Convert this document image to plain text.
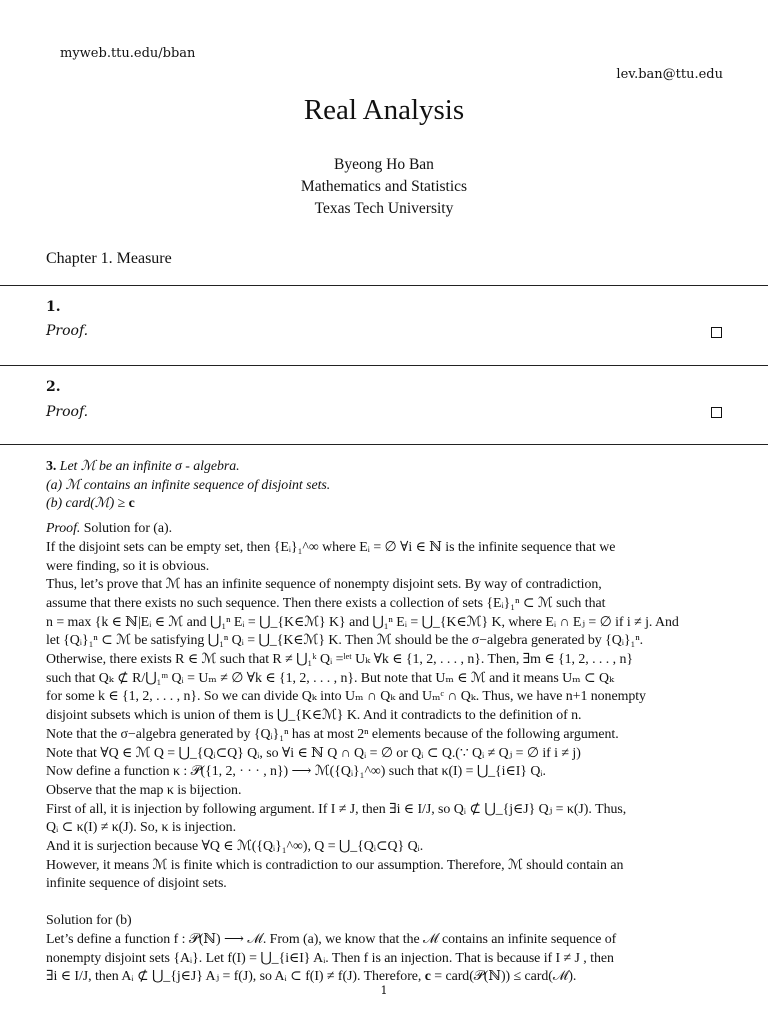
myweb.ttu.edu/bban
lev.ban@ttu.edu
Real Analysis
Byeong Ho Ban
Mathematics and Statistics
Texas Tech University
Chapter 1. Measure
1.
Proof.
2.
Proof.

3. Let ℳ be an infinite σ - algebra.

(a) ℳ contains an infinite sequence of disjoint sets.

(b) card(ℳ) ≥ c

Proof. Solution for (a).

If the disjoint sets can be empty set, then {Eᵢ}₁^∞ where Eᵢ = ∅ ∀i ∈ ℕ is the infinite sequence that we

were finding, so it is obvious.

Thus, let’s prove that ℳ has an infinite sequence of nonempty disjoint sets. By way of contradiction,

assume that there exists no such sequence. Then there exists a collection of sets {Eᵢ}₁ⁿ ⊂ ℳ such that

n = max {k ∈ ℕ|Eᵢ ∈ ℳ and ⋃₁ⁿ Eᵢ = ⋃_{K∈ℳ} K} and ⋃₁ⁿ Eᵢ = ⋃_{K∈ℳ} K, where Eᵢ ∩ Eⱼ = ∅ if i ≠ j. And

let {Qᵢ}₁ⁿ ⊂ ℳ be satisfying ⋃₁ⁿ Qᵢ = ⋃_{K∈ℳ} K. Then ℳ should be the σ−algebra generated by {Qᵢ}₁ⁿ.

Otherwise, there exists R ∈ ℳ such that R ≠ ⋃₁ᵏ Qᵢ =ˡᵉᵗ Uₖ ∀k ∈ {1, 2, . . . , n}. Then, ∃m ∈ {1, 2, . . . , n}

such that Qₖ ⊄ R/⋃₁ᵐ Qᵢ = Uₘ ≠ ∅ ∀k ∈ {1, 2, . . . , n}. But note that Uₘ ∈ ℳ and it means Uₘ ⊂ Qₖ

for some k ∈ {1, 2, . . . , n}. So we can divide Qₖ into Uₘ ∩ Qₖ and Uₘᶜ ∩ Qₖ. Thus, we have n+1 nonempty

disjoint subsets which is union of them is ⋃_{K∈ℳ} K. And it contradicts to the definition of n.

Note that the σ−algebra generated by {Qᵢ}₁ⁿ has at most 2ⁿ elements because of the following argument.

Note that ∀Q ∈ ℳ Q = ⋃_{Qᵢ⊂Q} Qᵢ, so ∀i ∈ ℕ Q ∩ Qᵢ = ∅ or Qᵢ ⊂ Q.(∵ Qᵢ ≠ Qⱼ = ∅ if i ≠ j)

Now define a function κ : 𝒫({1, 2, · · · , n}) ⟶ ℳ({Qᵢ}₁^∞) such that κ(I) = ⋃_{i∈I} Qᵢ.

Observe that the map κ is bijection.

First of all, it is injection by following argument. If I ≠ J, then ∃i ∈ I/J, so Qᵢ ⊄ ⋃_{j∈J} Qⱼ = κ(J). Thus,

Qᵢ ⊂ κ(I) ≠ κ(J). So, κ is injection.

And it is surjection because ∀Q ∈ ℳ({Qᵢ}₁^∞), Q = ⋃_{Qᵢ⊂Q} Qᵢ.

However, it means ℳ is finite which is contradiction to our assumption. Therefore, ℳ should contain an

infinite sequence of disjoint sets.

Solution for (b)

Let’s define a function f : 𝒫(ℕ) ⟶ ℳ. From (a), we know that the ℳ contains an infinite sequence of

nonempty disjoint sets {Aᵢ}. Let f(I) = ⋃_{i∈I} Aᵢ. Then f is an injection. That is because if I ≠ J , then

∃i ∈ I/J, then Aᵢ ⊄ ⋃_{j∈J} Aⱼ = f(J), so Aᵢ ⊂ f(I) ≠ f(J). Therefore, c = card(𝒫(ℕ)) ≤ card(ℳ).

1
